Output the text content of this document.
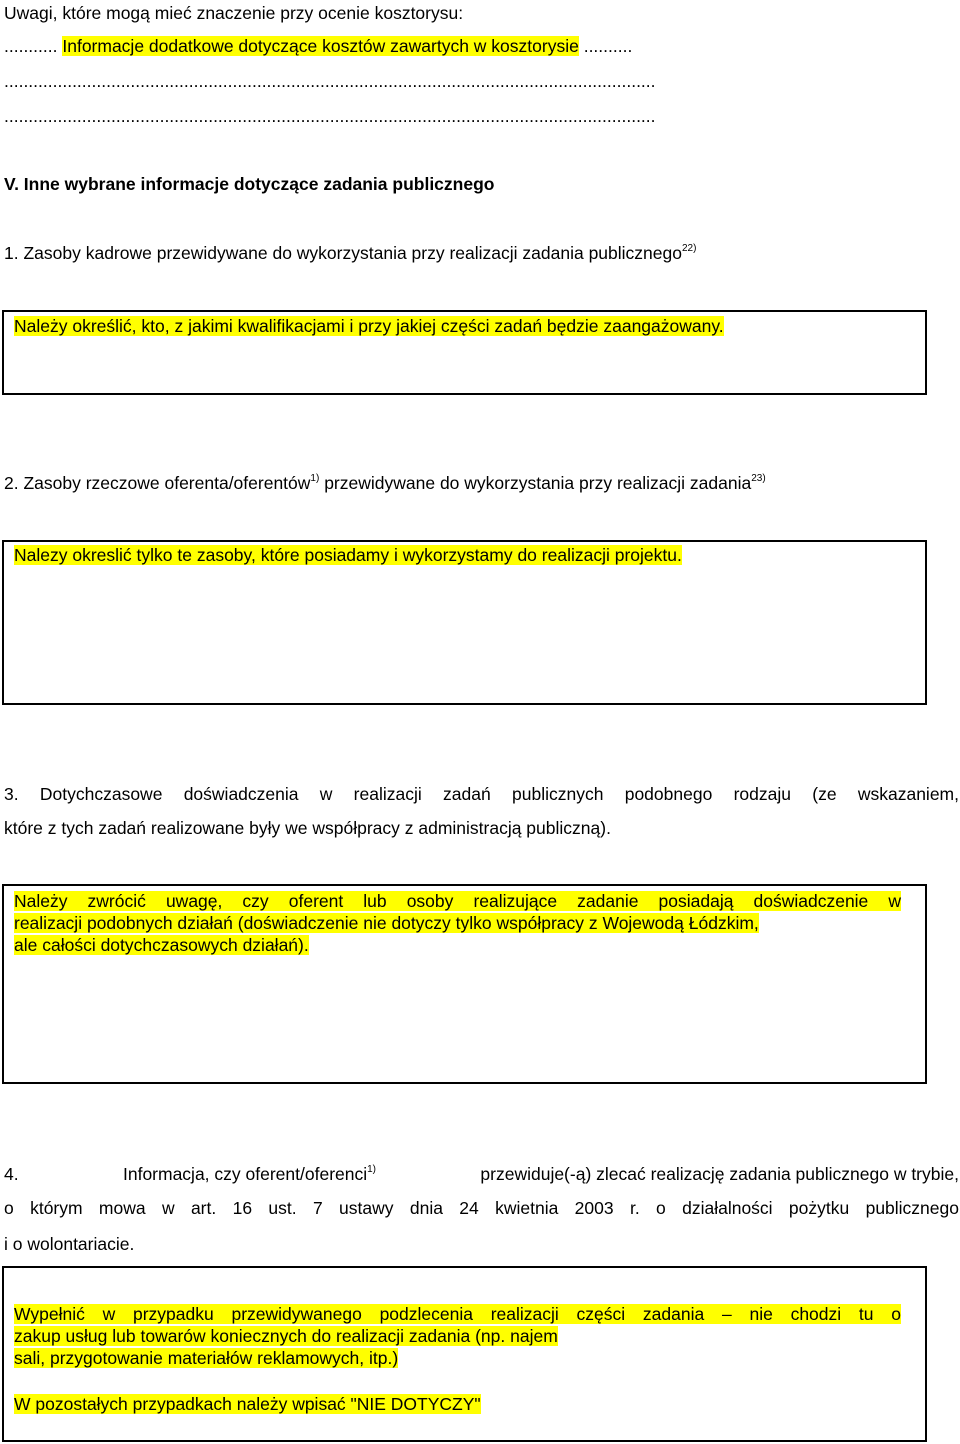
Uwagi, które mogą mieć znaczenie przy ocenie kosztorysu:
........... Informacje dodatkowe dotyczące kosztów zawartych w kosztorysie ..........
......................................................................................................................................
......................................................................................................................................
V. Inne wybrane informacje dotyczące zadania publicznego
1. Zasoby kadrowe przewidywane do wykorzystania przy realizacji zadania publicznego$^{22)}$
Należy określić, kto, z jakimi kwalifikacjami i przy jakiej części zadań będzie zaangażowany.
2. Zasoby rzeczowe oferenta/oferentów$^{1)}$ przewidywane do wykorzystania przy realizacji zadania$^{23)}$
Nalezy okreslić tylko te zasoby, które posiadamy i wykorzystamy do realizacji projektu.
3. Dotychczasowe doświadczenia w realizacji zadań publicznych podobnego rodzaju (ze wskazaniem,
które z tych zadań realizowane były we współpracy z administracją publiczną).
Należy zwrócić uwagę, czy oferent lub osoby realizujące zadanie posiadają doświadczenie w
realizacji podobnych działań (doświadczenie nie dotyczy tylko współpracy z Wojewodą Łódzkim,
ale całości dotychczasowych działań).
4.	Informacja, czy oferent/oferenci$^{1)}$	przewiduje(-ą) zlecać realizację zadania publicznego w trybie,
o którym mowa w art. 16 ust. 7 ustawy dnia 24 kwietnia 2003 r. o działalności pożytku publicznego
i o wolontariacie.
Wypełnić w przypadku przewidywanego podzlecenia realizacji części zadania – nie chodzi tu o
zakup usług lub towarów koniecznych do realizacji zadania (np. najem
sali, przygotowanie materiałów reklamowych, itp.)
W pozostałych przypadkach należy wpisać "NIE DOTYCZY"
